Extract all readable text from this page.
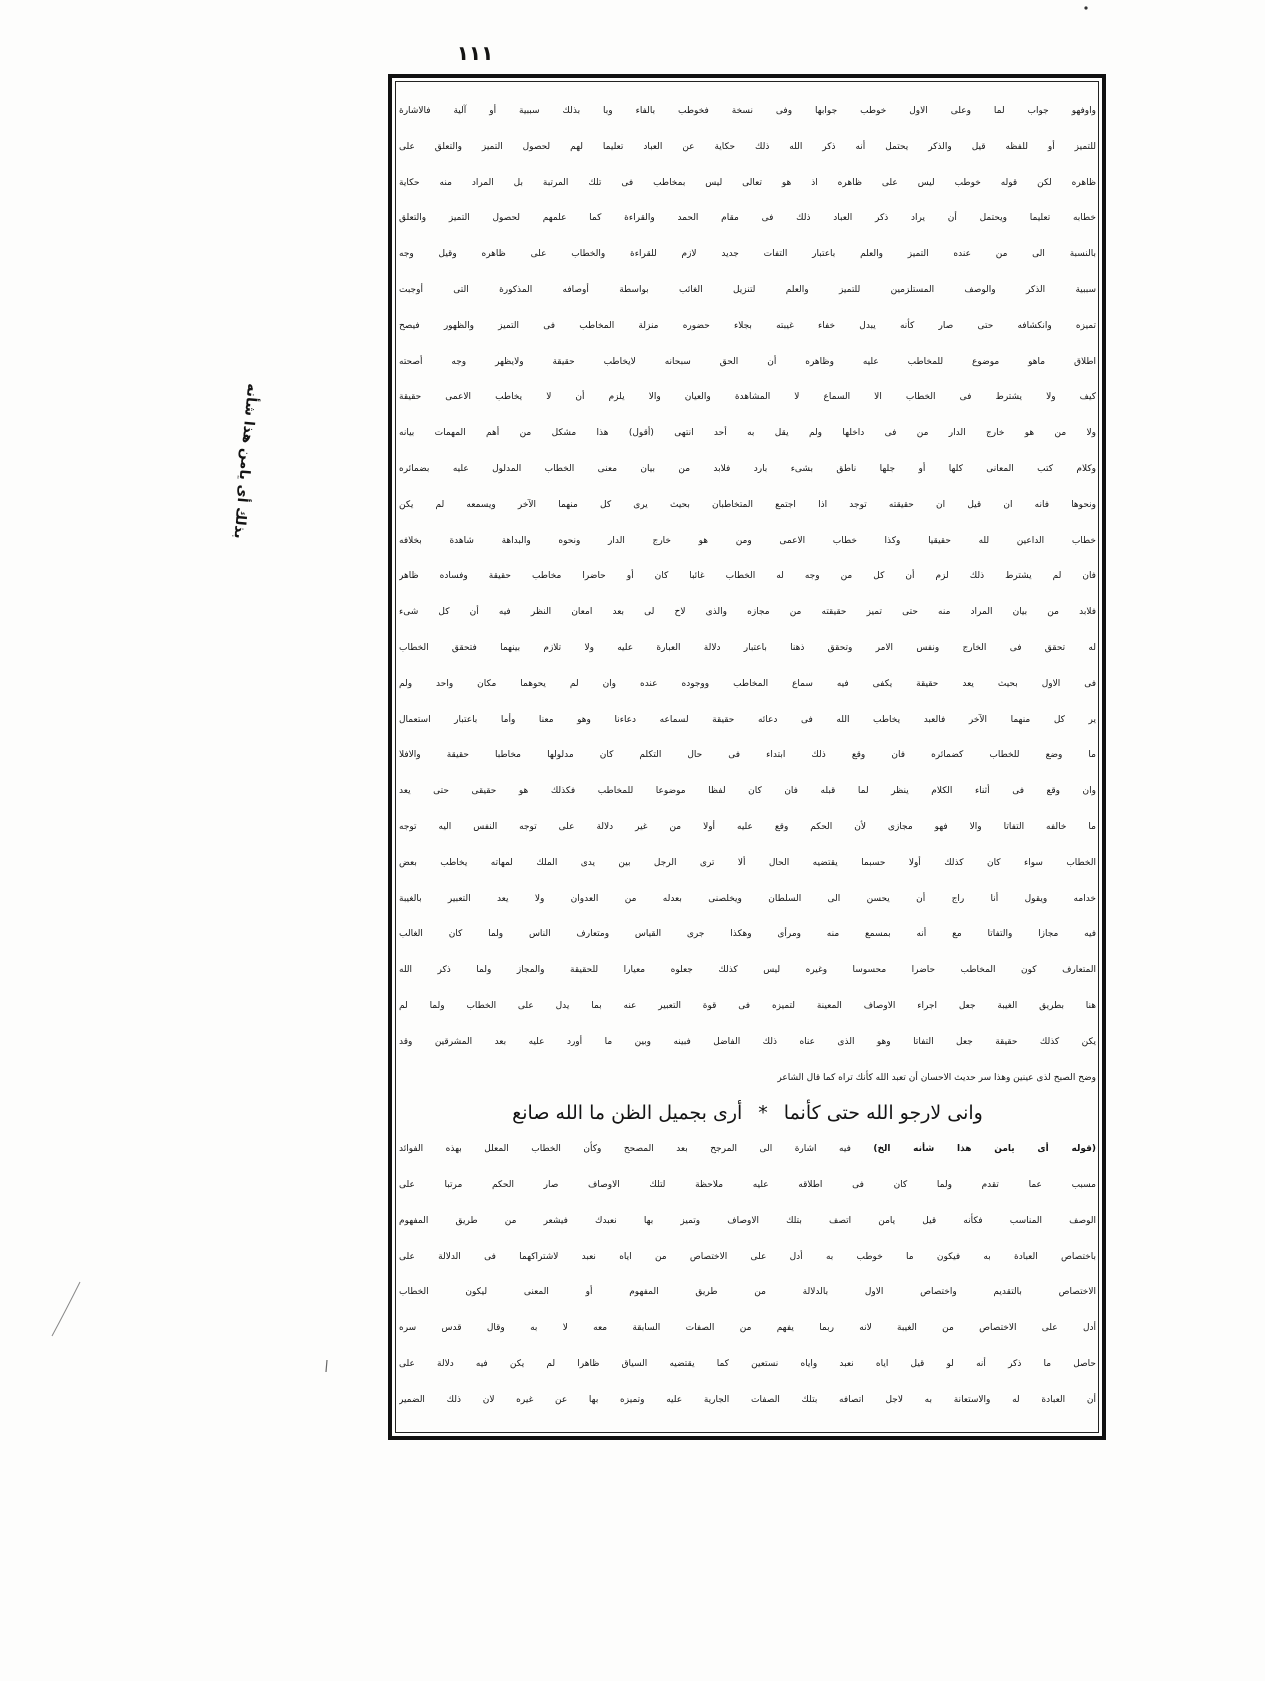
١١١
بذلك أى يامن هذا شأنه
واوفهو جواب لما وعلى الاول خوطب جوابها وفى نسخة فخوطب بالفاء وبا بذلك سببية أو آلية فالاشارة
للتميز أو للفظه قيل والذكر يحتمل أنه ذكر الله ذلك حكاية عن العباد تعليما لهم لحصول التميز والتعلق على
ظاهره لكن قوله خوطب ليس على ظاهره اذ هو تعالى ليس بمخاطب فى تلك المرتبة بل المراد منه حكاية
خطابه تعليما ويحتمل أن يراد ذكر العباد ذلك فى مقام الحمد والقراءة كما علمهم لحصول التميز والتعلق
بالنسبة الى من عنده التميز والعلم باعتبار التفات جديد لازم للقراءة والخطاب على ظاهره وقيل وجه
سببية الذكر والوصف المستلزمين للتميز والعلم لتنزيل الغائب بواسطة أوصافه المذكورة التى أوجبت
تميزه وانكشافه حتى صار كأنه يبدل خفاء غيبته بجلاء حضوره منزلة المخاطب فى التميز والظهور فيصح
اطلاق ماهو موضوع للمخاطب عليه وظاهره أن الحق سبحانه لايخاطب حقيقة ولايظهر وجه أصحته
كيف ولا يشترط فى الخطاب الا السماع لا المشاهدة والعيان والا يلزم أن لا يخاطب الاعمى حقيقة
ولا من هو خارج الدار من فى داخلها ولم يقل به أحد انتهى (أقول) هذا مشكل من أهم المهمات بيانه
وكلام كتب المعانى كلها أو جلها ناطق بشىء بارد فلابد من بيان معنى الخطاب المدلول عليه بضمائره
ونحوها فانه ان قيل ان حقيقته توجد اذا اجتمع المتخاطبان بحيث يرى كل منهما الآخر ويسمعه لم يكن
خطاب الداعين لله حقيقيا وكذا خطاب الاعمى ومن هو خارج الدار ونحوه والبداهة شاهدة بخلافه
فان لم يشترط ذلك لزم أن كل من وجه له الخطاب غائبا كان أو حاضرا مخاطب حقيقة وفساده ظاهر
فلابد من بيان المراد منه حتى تميز حقيقته من مجازه والذى لاح لى بعد امعان النظر فيه أن كل شىء
له تحقق فى الخارج ونفس الامر وتحقق ذهنا باعتبار دلالة العبارة عليه ولا تلازم بينهما فتحقق الخطاب
فى الاول بحيث يعد حقيقة يكفى فيه سماع المخاطب ووجوده عنده وان لم يحوهما مكان واحد ولم
ير كل منهما الآخر فالعبد يخاطب الله فى دعائه حقيقة لسماعه دعاءنا وهو معنا وأما باعتبار استعمال
ما وضع للخطاب كضمائره فان وقع ذلك ابتداء فى حال التكلم كان مدلولها مخاطبا حقيقة والافلا
وان وقع فى أثناء الكلام ينظر لما قبله فان كان لفظا موضوعا للمخاطب فكذلك هو حقيقى حتى يعد
ما خالفه التفاتا والا فهو مجازى لأن الحكم وقع عليه أولا من غير دلالة على توجه النفس اليه توجه
الخطاب سواء كان كذلك أولا حسبما يقتضيه الحال ألا ترى الرجل بين يدى الملك لمهاته يخاطب بعض
خدامه ويقول أنا راج أن يحسن الى السلطان ويخلصنى بعدله من العدوان ولا يعد التعبير بالغيبة
فيه مجازا والتفاتا مع أنه بمسمع منه ومرأى وهكذا جرى القياس ومتعارف الناس ولما كان الغالب
المتعارف كون المخاطب حاضرا محسوسا وغيره ليس كذلك جعلوه معيارا للحقيقة والمجاز ولما ذكر الله
هنا بطريق الغيبة جعل اجراء الاوصاف المعينة لتميزه فى قوة التعبير عنه بما يدل على الخطاب ولما لم
يكن كذلك حقيقة جعل التفاتا وهو الذى عناه ذلك الفاضل فبينه وبين ما أورد عليه بعد المشرقين وقد
وضح الصبح لذى عينين وهذا سر حديث الاحسان أن تعبد الله كأنك تراه كما قال الشاعر
وانى لارجو الله حتى كأنما*أرى بجميل الظن ما الله صانع
(قوله أى يامن هذا شأنه الخ) فيه اشارة الى المرجح بعد المصحح وكأن الخطاب المعلل بهذه الفوائد
مسبب عما تقدم ولما كان فى اطلاقه عليه ملاحظة لتلك الاوصاف صار الحكم مرتبا على
الوصف المناسب فكأنه قيل يامن اتصف بتلك الاوصاف وتميز بها نعبدك فيشعر من طريق المفهوم
باختصاص العبادة به فيكون ما خوطب به أدل على الاختصاص من اياه نعبد لاشتراكهما فى الدلالة على
الاختصاص بالتقديم واختصاص الاول بالدلالة من طريق المفهوم أو المعنى ليكون الخطاب
أدل على الاختصاص من الغيبة لانه ربما يفهم من الصفات السابقة معه لا به وقال قدس سره
حاصل ما ذكر أنه لو قيل اياه نعبد واياه نستعين كما يقتضيه السياق ظاهرا لم يكن فيه دلالة على
أن العبادة له والاستعانة به لاجل اتصافه بتلك الصفات الجارية عليه وتميزه بها عن غيره لان ذلك الضمير
